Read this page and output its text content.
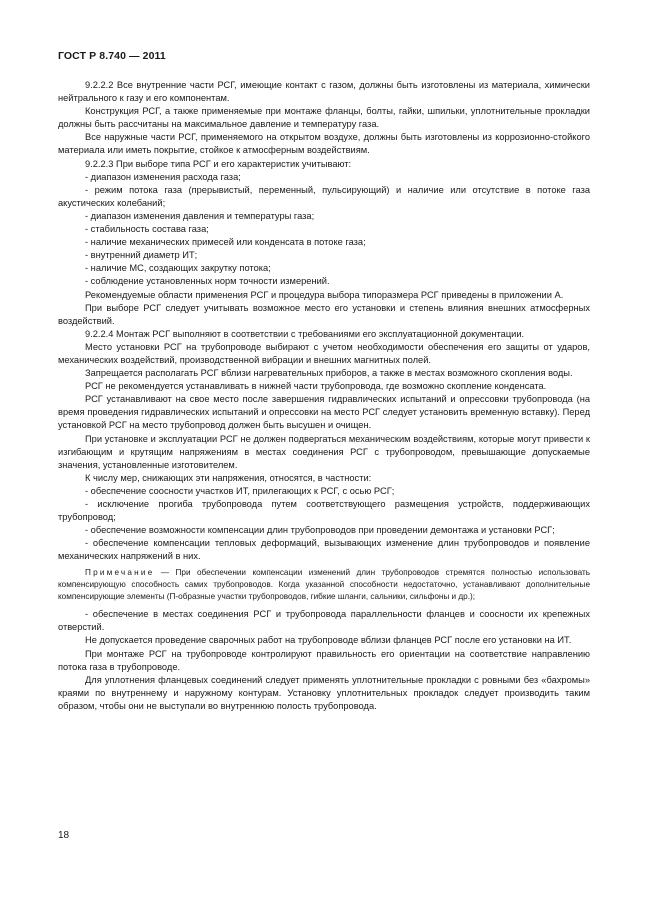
ГОСТ Р 8.740 — 2011

9.2.2.2 Все внутренние части РСГ, имеющие контакт с газом, должны быть изготовлены из материала, химически нейтрального к газу и его компонентам.

Конструкция РСГ, а также применяемые при монтаже фланцы, болты, гайки, шпильки, уплотнительные прокладки должны быть рассчитаны на максимальное давление и температуру газа.

Все наружные части РСГ, применяемого на открытом воздухе, должны быть изготовлены из коррозионно-стойкого материала или иметь покрытие, стойкое к атмосферным воздействиям.

9.2.2.3 При выборе типа РСГ и его характеристик учитывают:

- диапазон изменения расхода газа;

- режим потока газа (прерывистый, переменный, пульсирующий) и наличие или отсутствие в потоке газа акустических колебаний;

- диапазон изменения давления и температуры газа;

- стабильность состава газа;

- наличие механических примесей или конденсата в потоке газа;

- внутренний диаметр ИТ;

- наличие МС, создающих закрутку потока;

- соблюдение установленных норм точности измерений.

Рекомендуемые области применения РСГ и процедура выбора типоразмера РСГ приведены в приложении А.

При выборе РСГ следует учитывать возможное место его установки и степень влияния внешних атмосферных воздействий.

9.2.2.4 Монтаж РСГ выполняют в соответствии с требованиями его эксплуатационной документации.

Место установки РСГ на трубопроводе выбирают с учетом необходимости обеспечения его защиты от ударов, механических воздействий, производственной вибрации и внешних магнитных полей.

Запрещается располагать РСГ вблизи нагревательных приборов, а также в местах возможного скопления воды.

РСГ не рекомендуется устанавливать в нижней части трубопровода, где возможно скопление конденсата.

РСГ устанавливают на свое место после завершения гидравлических испытаний и опрессовки трубопровода (на время проведения гидравлических испытаний и опрессовки на место РСГ следует установить временную вставку). Перед установкой РСГ на место трубопровод должен быть высушен и очищен.

При установке и эксплуатации РСГ не должен подвергаться механическим воздействиям, которые могут привести к изгибающим и крутящим напряжениям в местах соединения РСГ с трубопроводом, превышающие допускаемые значения, установленные изготовителем.

К числу мер, снижающих эти напряжения, относятся, в частности:

- обеспечение соосности участков ИТ, прилегающих к РСГ, с осью РСГ;

- исключение прогиба трубопровода путем соответствующего размещения устройств, поддерживающих трубопровод;

- обеспечение возможности компенсации длин трубопроводов при проведении демонтажа и установки РСГ;

- обеспечение компенсации тепловых деформаций, вызывающих изменение длин трубопроводов и появление механических напряжений в них.

Примечание — При обеспечении компенсации изменений длин трубопроводов стремятся полностью использовать компенсирующую способность самих трубопроводов. Когда указанной способности недостаточно, устанавливают дополнительные компенсирующие элементы (П-образные участки трубопроводов, гибкие шланги, сальники, сильфоны и др.);

- обеспечение в местах соединения РСГ и трубопровода параллельности фланцев и соосности их крепежных отверстий.

Не допускается проведение сварочных работ на трубопроводе вблизи фланцев РСГ после его установки на ИТ.

При монтаже РСГ на трубопроводе контролируют правильность его ориентации на соответствие направлению потока газа в трубопроводе.

Для уплотнения фланцевых соединений следует применять уплотнительные прокладки с ровными без «бахромы» краями по внутреннему и наружному контурам. Установку уплотнительных прокладок следует производить таким образом, чтобы они не выступали во внутреннюю полость трубопровода.

18
